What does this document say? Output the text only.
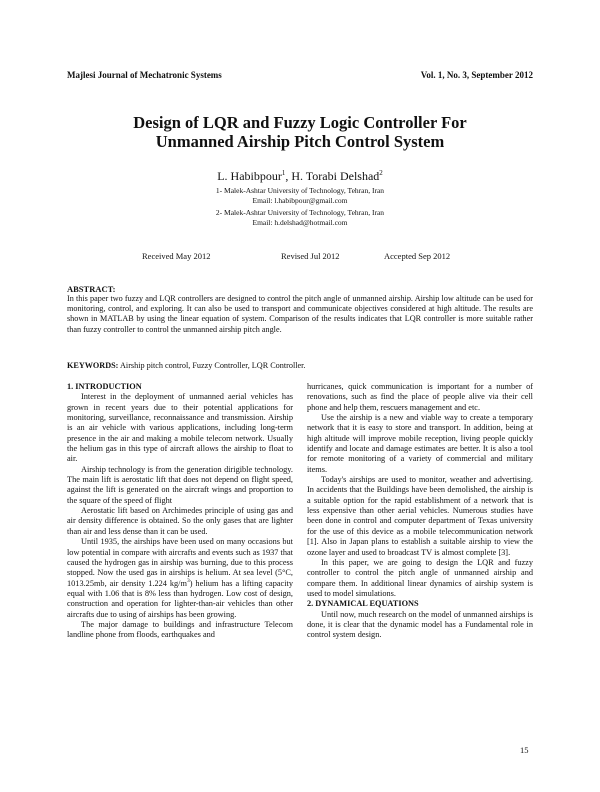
Majlesi Journal of Mechatronic Systems	Vol. 1, No. 3, September 2012
Design of LQR and Fuzzy Logic Controller For
Unmanned Airship Pitch Control System
L. Habibpour$^1$, H. Torabi Delshad$^2$
1- Malek-Ashtar University of Technology, Tehran, Iran
Email: l.habibpour@gmail.com
2- Malek-Ashtar University of Technology, Tehran, Iran
Email: h.delshad@hotmail.com
Received May 2012	Revised Jul 2012	Accepted Sep 2012
ABSTRACT:
In this paper two fuzzy and LQR controllers are designed to control the pitch angle of unmanned airship. Airship low altitude can be used for monitoring, control, and exploring. It can also be used to transport and communicate objectives considered at high altitude. The results are shown in MATLAB by using the linear equation of system. Comparison of the results indicates that LQR controller is more suitable rather than fuzzy controller to control the unmanned airship pitch angle.
KEYWORDS: Airship pitch control, Fuzzy Controller, LQR Controller.
1. INTRODUCTION

Interest in the deployment of unmanned aerial vehicles has grown in recent years due to their potential applications for monitoring, surveillance, reconnaissance and transmission. Airship is an air vehicle with various applications, including long-term presence in the air and making a mobile telecom network. Usually the helium gas in this type of aircraft allows the airship to float to air.

Airship technology is from the generation dirigible technology. The main lift is aerostatic lift that does not depend on flight speed, against the lift is generated on the aircraft wings and proportion to the square of the speed of flight

Aerostatic lift based on Archimedes principle of using gas and air density difference is obtained. So the only gases that are lighter than air and less dense than it can be used.

Until 1935, the airships have been used on many occasions but low potential in compare with aircrafts and events such as 1937 that caused the hydrogen gas in airship was burning, due to this process stopped. Now the used gas in airships is helium. At sea level (5°C, 1013.25mb, air density 1.224 $kg/m^3$) helium has a lifting capacity equal with 1.06 that is 8% less than hydrogen. Low cost of design, construction and operation for lighter-than-air vehicles than other aircrafts due to using of airships has been growing.

The major damage to buildings and infrastructure Telecom landline phone from floods, earthquakes and

hurricanes, quick communication is important for a number of renovations, such as find the place of people alive via their cell phone and help them, rescuers management and etc.

Use the airship is a new and viable way to create a temporary network that it is easy to store and transport. In addition, being at high altitude will improve mobile reception, living people quickly identify and locate and damage estimates are better. It is also a tool for remote monitoring of a variety of commercial and military items.

Today's airships are used to monitor, weather and advertising. In accidents that the Buildings have been demolished, the airship is a suitable option for the rapid establishment of a network that is less expensive than other aerial vehicles. Numerous studies have been done in control and computer department of Texas university for the use of this device as a mobile telecommunication network [1]. Also in Japan plans to establish a suitable airship to view the ozone layer and used to broadcast TV is almost complete [3].

In this paper, we are going to design the LQR and fuzzy controller to control the pitch angle of unmanned airship and compare them. In additional linear dynamics of airship system is used to model simulations.

2. DYNAMICAL EQUATIONS

Until now, much research on the model of unmanned airships is done, it is clear that the dynamic model has a Fundamental role in control system design.

15
